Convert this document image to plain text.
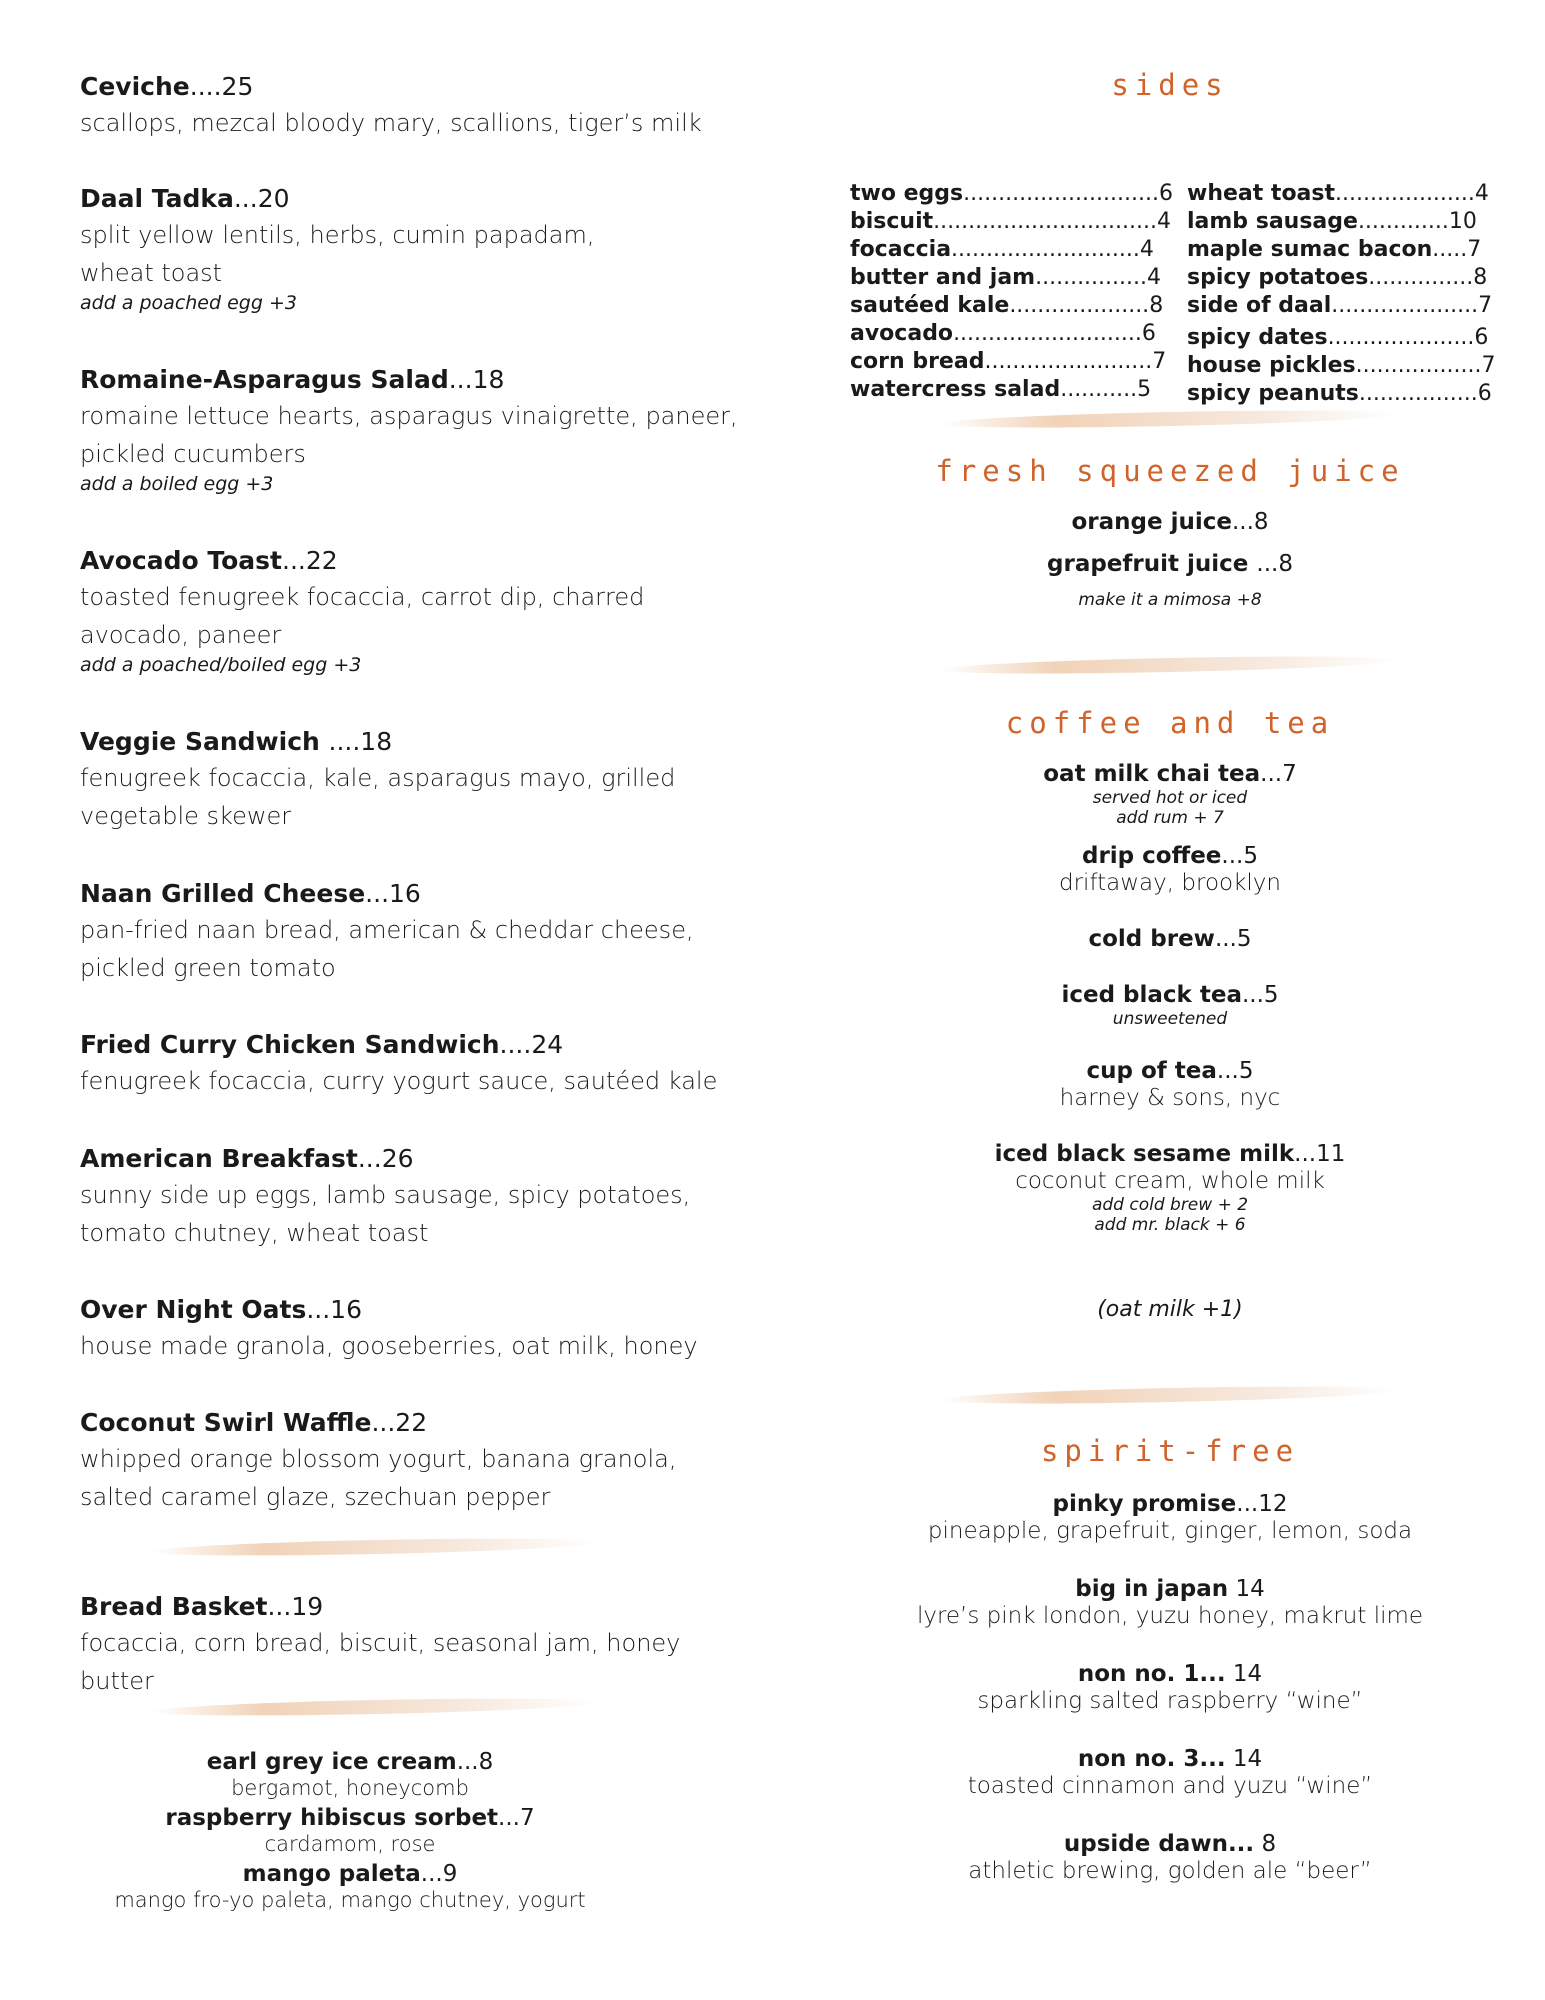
Ceviche....25
scallops, mezcal bloody mary, scallions, tiger’s milk
Daal Tadka...20
split yellow lentils, herbs, cumin papadam,
wheat toast
add a poached egg +3
Romaine-Asparagus Salad...18
romaine lettuce hearts, asparagus vinaigrette, paneer,
pickled cucumbers
add a boiled egg +3
Avocado Toast...22
toasted fenugreek focaccia, carrot dip, charred
avocado, paneer
add a poached/boiled egg +3
Veggie Sandwich ....18
fenugreek focaccia, kale, asparagus mayo, grilled
vegetable skewer
Naan Grilled Cheese...16
pan-fried naan bread, american & cheddar cheese,
pickled green tomato
Fried Curry Chicken Sandwich....24
fenugreek focaccia, curry yogurt sauce, sautéed kale
American Breakfast...26
sunny side up eggs, lamb sausage, spicy potatoes,
tomato chutney, wheat toast
Over Night Oats...16
house made granola, gooseberries, oat milk, honey
Coconut Swirl Waffle...22
whipped orange blossom yogurt, banana granola,
salted caramel glaze, szechuan pepper
Bread Basket...19
focaccia, corn bread, biscuit, seasonal jam, honey
butter
earl grey ice cream...8
bergamot, honeycomb
raspberry hibiscus sorbet...7
cardamom, rose
mango paleta...9
mango fro-yo paleta, mango chutney, yogurt
sides
two eggs............................6
biscuit................................4
focaccia...........................4
butter and jam................4
sautéed kale....................8
avocado...........................6
corn bread........................7
watercress salad...........5
wheat toast....................4
lamb sausage.............10
maple sumac bacon.....7
spicy potatoes...............8
side of daal.....................7
spicy dates.....................6
house pickles..................7
spicy peanuts.................6
fresh squeezed juice
orange juice...8
grapefruit juice ...8
make it a mimosa +8
coffee and tea
oat milk chai tea...7
served hot or iced
add rum + 7
drip coffee...5
driftaway, brooklyn
cold brew...5
iced black tea...5
unsweetened
cup of tea...5
harney & sons, nyc
iced black sesame milk...11
coconut cream, whole milk
add cold brew + 2
add mr. black + 6
(oat milk +1)
spirit-free
pinky promise...12
pineapple, grapefruit, ginger, lemon, soda
big in japan 14
lyre’s pink london, yuzu honey, makrut lime
non no. 1... 14
sparkling salted raspberry “wine”
non no. 3... 14
toasted cinnamon and yuzu “wine”
upside dawn... 8
athletic brewing, golden ale “beer”
